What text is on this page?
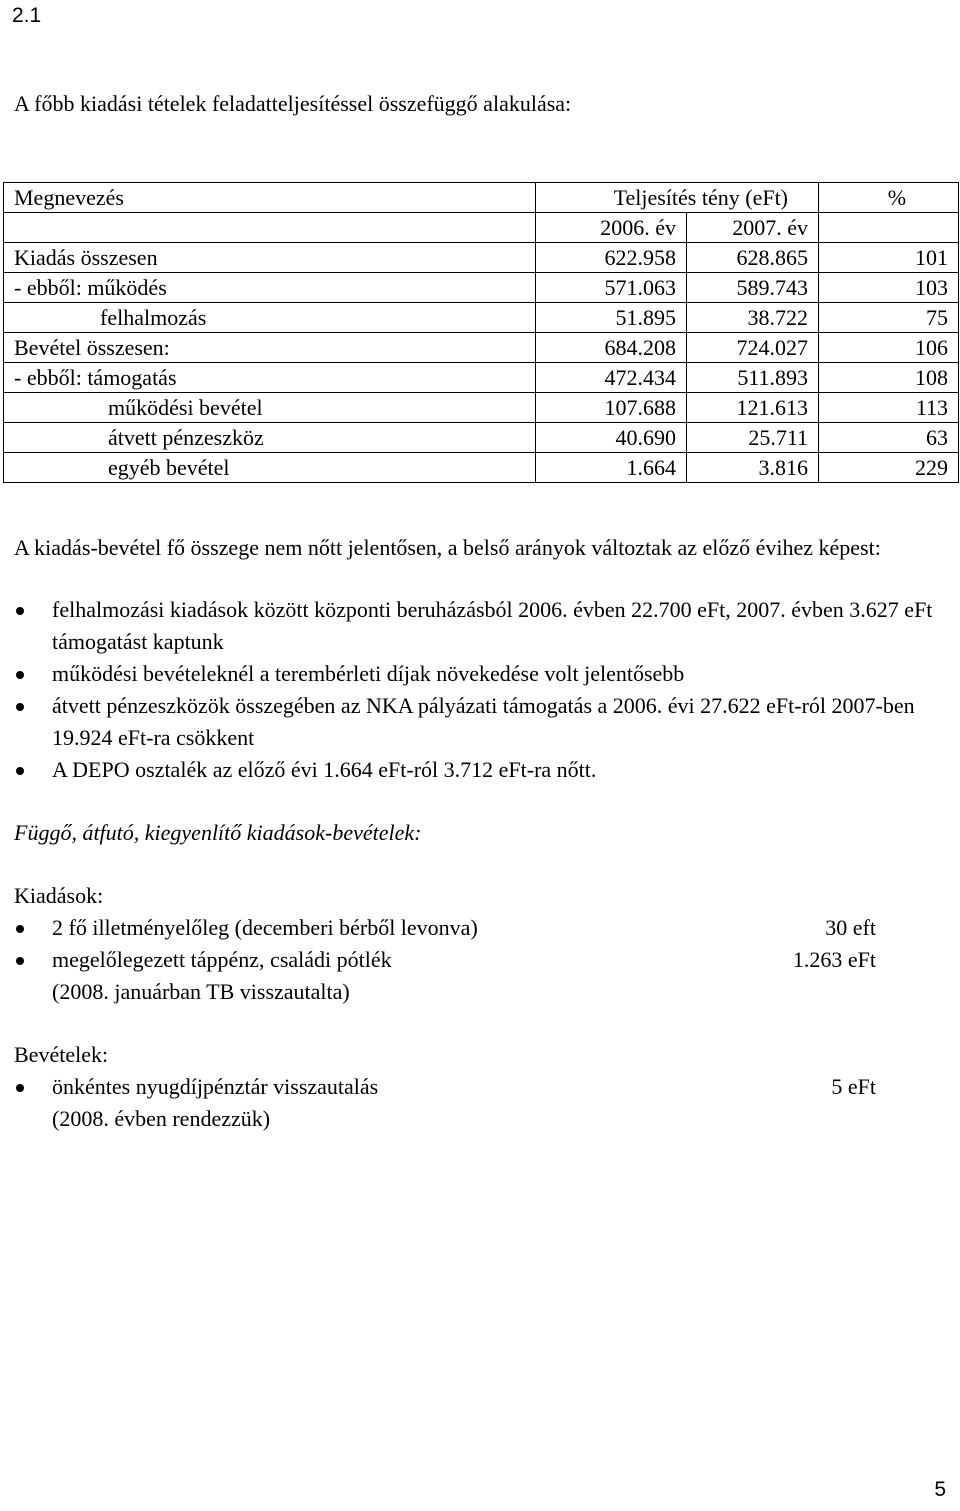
2.1
A főbb kiadási tételek feladatteljesítéssel összefüggő alakulása:
Megnevezés	Teljesítés tény (eFt)		%
	2006. év	2007. év	
Kiadás összesen	622.958	628.865	101
- ebből: működés	571.063	589.743	103
felhalmozás	51.895	38.722	75
Bevétel összesen:	684.208	724.027	106
- ebből: támogatás	472.434	511.893	108
működési bevétel	107.688	121.613	113
átvett pénzeszköz	40.690	25.711	63
egyéb bevétel	1.664	3.816	229
A kiadás-bevétel fő összege nem nőtt jelentősen, a belső arányok változtak az előző évihez képest:
felhalmozási kiadások között központi beruházásból 2006. évben 22.700 eFt, 2007. évben 3.627 eFt támogatást kaptunk
működési bevételeknél a terembérleti díjak növekedése volt jelentősebb
átvett pénzeszközök összegében az NKA pályázati támogatás a 2006. évi 27.622 eFt-ról 2007-ben 19.924 eFt-ra csökkent
A DEPO osztalék az előző évi 1.664 eFt-ról 3.712 eFt-ra nőtt.
Függő, átfutó, kiegyenlítő kiadások-bevételek:
Kiadások:
2 fő illetményelőleg (decemberi bérből levonva)	30 eft
megelőlegezett táppénz, családi pótlék	1.263 eFt
(2008. januárban TB visszautalta)
Bevételek:
önkéntes nyugdíjpénztár visszautalás	5 eFt
(2008. évben rendezzük)
5
